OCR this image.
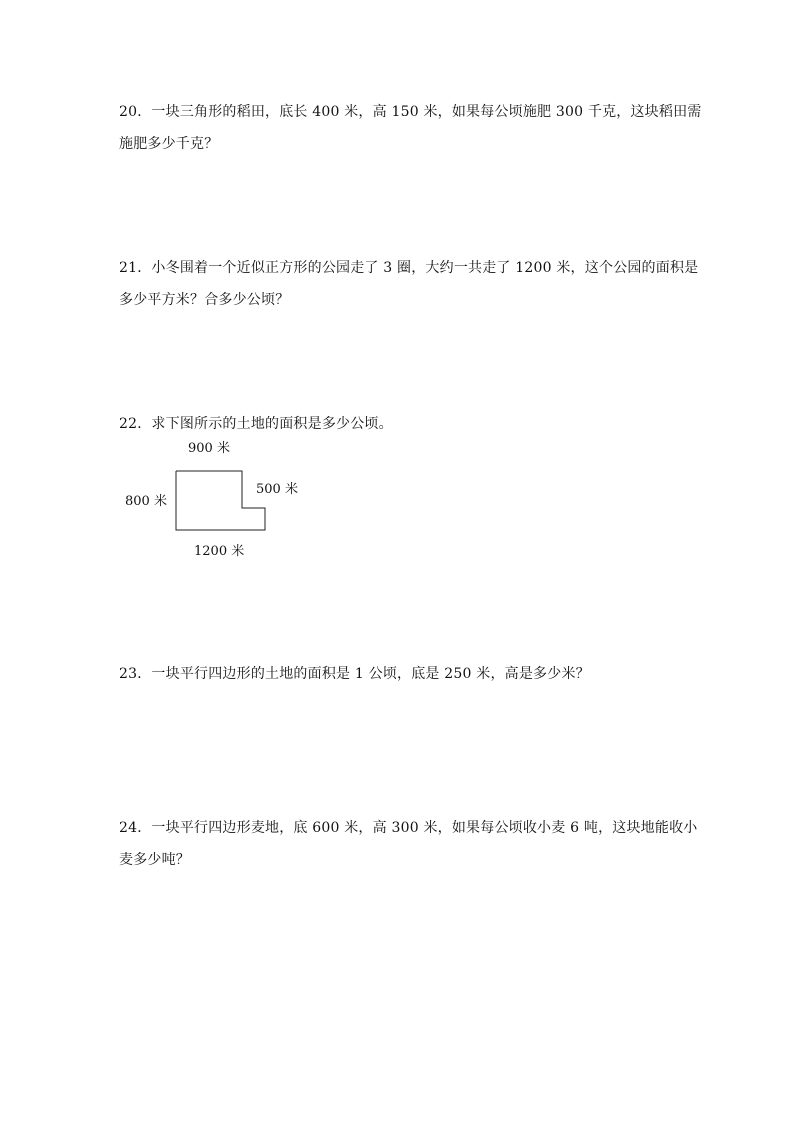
20．一块三角形的稻田，底长 400 米，高 150 米，如果每公顷施肥 300 千克，这块稻田需
施肥多少千克？
21．小冬围着一个近似正方形的公园走了 3 圈，大约一共走了 1200 米，这个公园的面积是
多少平方米？合多少公顷？
22．求下图所示的土地的面积是多少公顷。
900 米
800 米
500 米
1200 米
23．一块平行四边形的土地的面积是 1 公顷，底是 250 米，高是多少米？
24．一块平行四边形麦地，底 600 米，高 300 米，如果每公顷收小麦 6 吨，这块地能收小
麦多少吨？
